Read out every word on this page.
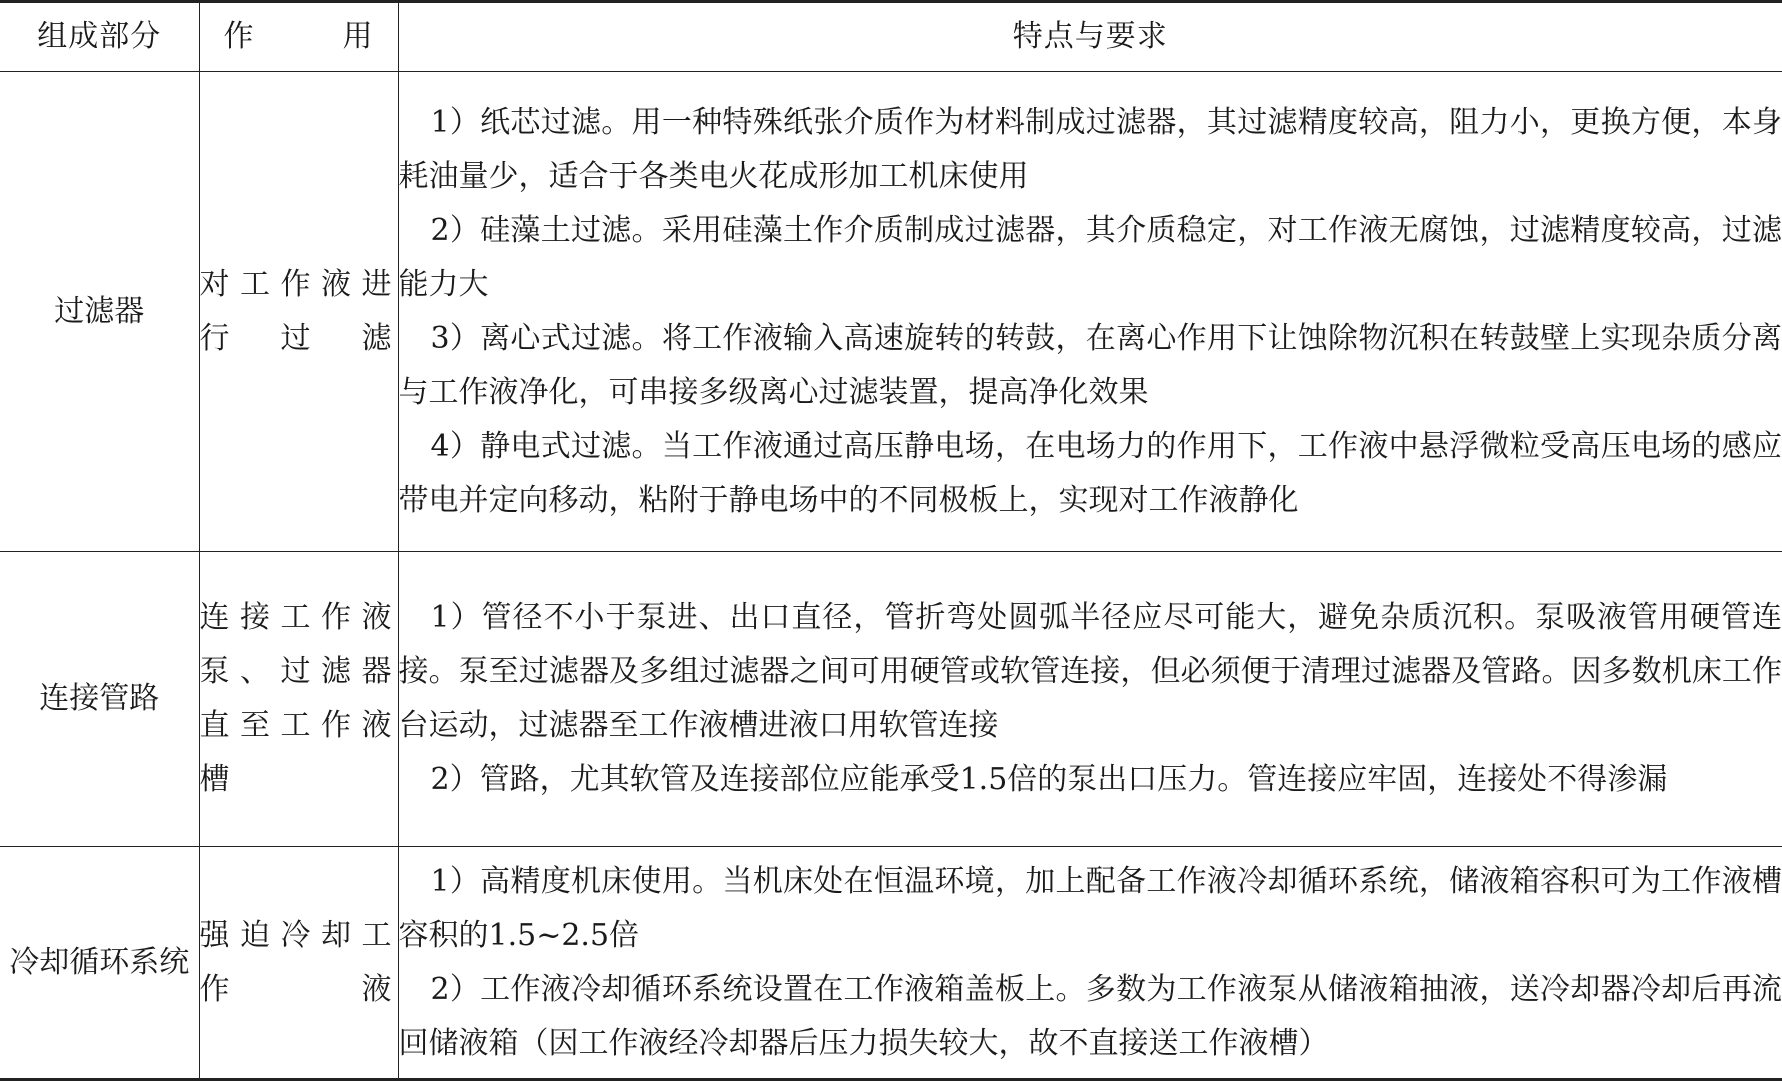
组成部分	作 用	特点与要求
过滤器	对工作液进行过滤	1）纸芯过滤。用一种特殊纸张介质作为材料制成过滤器，其过滤精度较高，阻力小，更换方便，本身耗油量少，适合于各类电火花成形加工机床使用

2）硅藻土过滤。采用硅藻土作介质制成过滤器，其介质稳定，对工作液无腐蚀，过滤精度较高，过滤能力大

3）离心式过滤。将工作液输入高速旋转的转鼓，在离心作用下让蚀除物沉积在转鼓壁上实现杂质分离与工作液净化，可串接多级离心过滤装置，提高净化效果

4）静电式过滤。当工作液通过高压静电场，在电场力的作用下，工作液中悬浮微粒受高压电场的感应带电并定向移动，粘附于静电场中的不同极板上，实现对工作液静化

连接管路	连接工作液泵、过滤器直至工作液槽	1）管径不小于泵进、出口直径，管折弯处圆弧半径应尽可能大，避免杂质沉积。泵吸液管用硬管连接。泵至过滤器及多组过滤器之间可用硬管或软管连接，但必须便于清理过滤器及管路。因多数机床工作台运动，过滤器至工作液槽进液口用软管连接

2）管路，尤其软管及连接部位应能承受1.5倍的泵出口压力。管连接应牢固，连接处不得渗漏

冷却循环系统	强迫冷却工作液	1）高精度机床使用。当机床处在恒温环境，加上配备工作液冷却循环系统，储液箱容积可为工作液槽容积的1.5~2.5倍

2）工作液冷却循环系统设置在工作液箱盖板上。多数为工作液泵从储液箱抽液，送冷却器冷却后再流回储液箱（因工作液经冷却器后压力损失较大，故不直接送工作液槽）
